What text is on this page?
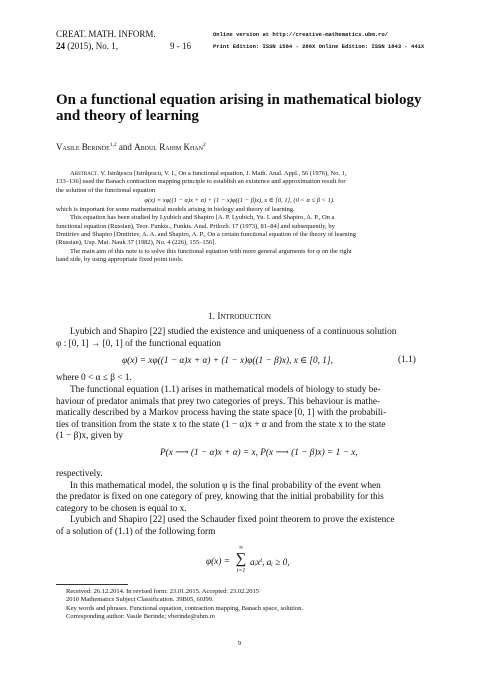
CREAT. MATH. INFORM.
24 (2015), No. 1,	9 - 16
Online version at http://creative-mathematics.ubm.ro/
Print Edition: ISSN 1584 - 286X Online Edition: ISSN 1843 - 441X
On a functional equation arising in mathematical biology
and theory of learning
Vasile Berinde$^{1,2}$ and Abdul Rahim Khan$^2$
Abstract. V. Istrăţescu [Istrăţescu, V. I., On a functional equation, J. Math. Anal. Appl., 56 (1976), No. 1,
133–136] used the Banach contraction mapping principle to establish an existence and approximation result for
the solution of the functional equation
φ(x) = xφ((1 − α)x + α) + (1 − x)φ((1 − β)x), x ∈ [0, 1], (0 < α ≤ β < 1).
which is important for some mathematical models arising in biology and theory of learning.
This equation has been studied by Lyubich and Shapiro [A. P. Lyubich, Yu. I. and Shapiro, A. P., On a
functional equation (Russian), Teor. Funkts., Funkts. Anal. Prilozh. 17 (1973), 81–84] and subsequently, by
Dmitriev and Shapiro [Dmitriev, A. A. and Shapiro, A. P., On a certain functional equation of the theory of learning
(Russian), Usp. Mat. Nauk 37 (1982), No. 4 (226), 155–156].
The main aim of this note is to solve this functional equation with more general arguments for φ on the right
hand side, by using appropriate fixed point tools.
1. Introduction
Lyubich and Shapiro [22] studied the existence and uniqueness of a continuous solution
φ : [0, 1] → [0, 1] of the functional equation
φ(x) = xφ((1 − α)x + α) + (1 − x)φ((1 − β)x), x ∈ [0, 1],	(1.1)
where 0 < α ≤ β < 1.
The functional equation (1.1) arises in mathematical models of biology to study be-
haviour of predator animals that prey two categories of preys. This behaviour is mathe-
matically described by a Markov process having the state space [0, 1] with the probabili-
ties of transition from the state x to the state (1 − α)x + α and from the state x to the state
(1 − β)x, given by
P(x ⟶ (1 − α)x + α) = x, P(x ⟶ (1 − β)x) = 1 − x,
respectively.
In this mathematical model, the solution φ is the final probability of the event when
the predator is fixed on one category of prey, knowing that the initial probability for this
category to be chosen is equal to x.
Lyubich and Shapiro [22] used the Schauder fixed point theorem to prove the existence
of a solution of (1.1) of the following form
φ(x) =
∞
∑
i=1
aᵢxⁱ, aᵢ ≥ 0,
Received: 26.12.2014. In revised form: 23.01.2015. Accepted: 23.02.2015
2010 Mathematics Subject Classification. 39B05, 60J99.
Key words and phrases. Functional equation, contraction mapping, Banach space, solution.
Corresponding author: Vasile Berinde; vberinde@ubm.ro
9
